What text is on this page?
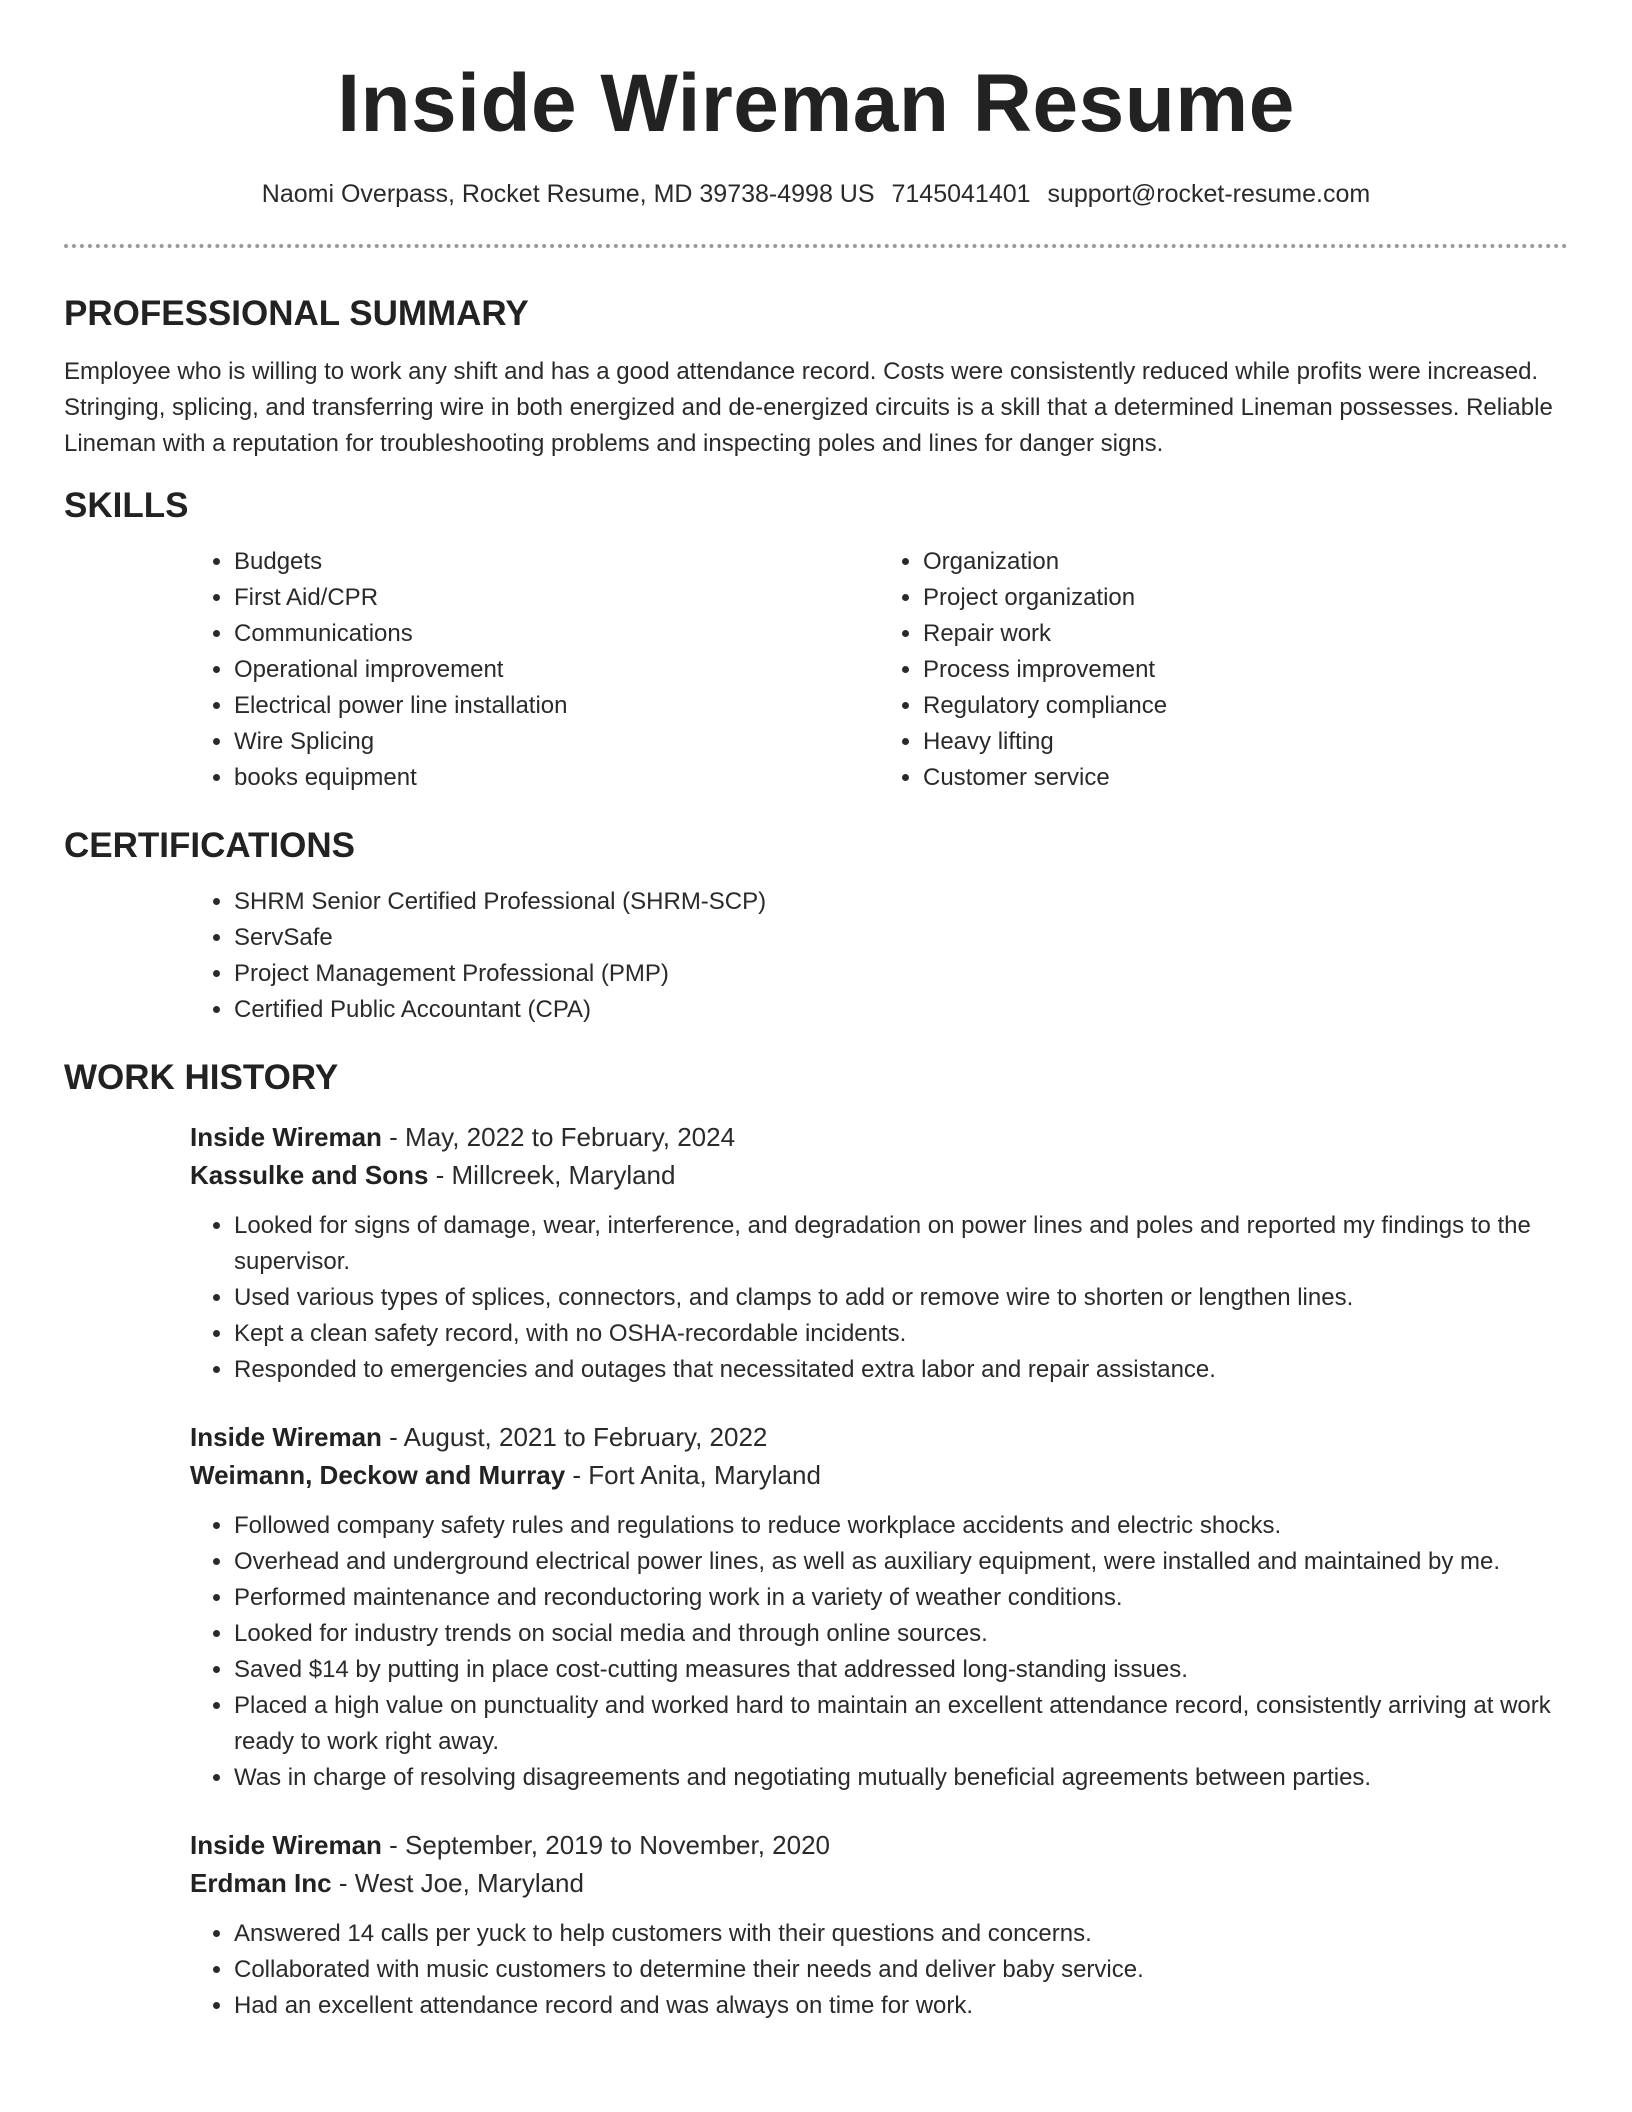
Inside Wireman Resume
Naomi Overpass, Rocket Resume, MD 39738-4998 US 7145041401 support@rocket-resume.com
PROFESSIONAL SUMMARY

Employee who is willing to work any shift and has a good attendance record. Costs were consistently reduced while profits were increased. Stringing, splicing, and transferring wire in both energized and de-energized circuits is a skill that a determined Lineman possesses. Reliable Lineman with a reputation for troubleshooting problems and inspecting poles and lines for danger signs.

SKILLS
• Budgets
• First Aid/CPR
• Communications
• Operational improvement
• Electrical power line installation
• Wire Splicing
• books equipment
• Organization
• Project organization
• Repair work
• Process improvement
• Regulatory compliance
• Heavy lifting
• Customer service
CERTIFICATIONS
• SHRM Senior Certified Professional (SHRM-SCP)
• ServSafe
• Project Management Professional (PMP)
• Certified Public Accountant (CPA)
WORK HISTORY
Inside Wireman - May, 2022 to February, 2024
Kassulke and Sons - Millcreek, Maryland
• Looked for signs of damage, wear, interference, and degradation on power lines and poles and reported my findings to the supervisor.
• Used various types of splices, connectors, and clamps to add or remove wire to shorten or lengthen lines.
• Kept a clean safety record, with no OSHA-recordable incidents.
• Responded to emergencies and outages that necessitated extra labor and repair assistance.
Inside Wireman - August, 2021 to February, 2022
Weimann, Deckow and Murray - Fort Anita, Maryland
• Followed company safety rules and regulations to reduce workplace accidents and electric shocks.
• Overhead and underground electrical power lines, as well as auxiliary equipment, were installed and maintained by me.
• Performed maintenance and reconductoring work in a variety of weather conditions.
• Looked for industry trends on social media and through online sources.
• Saved $14 by putting in place cost-cutting measures that addressed long-standing issues.
• Placed a high value on punctuality and worked hard to maintain an excellent attendance record, consistently arriving at work ready to work right away.
• Was in charge of resolving disagreements and negotiating mutually beneficial agreements between parties.
Inside Wireman - September, 2019 to November, 2020
Erdman Inc - West Joe, Maryland
• Answered 14 calls per yuck to help customers with their questions and concerns.
• Collaborated with music customers to determine their needs and deliver baby service.
• Had an excellent attendance record and was always on time for work.
